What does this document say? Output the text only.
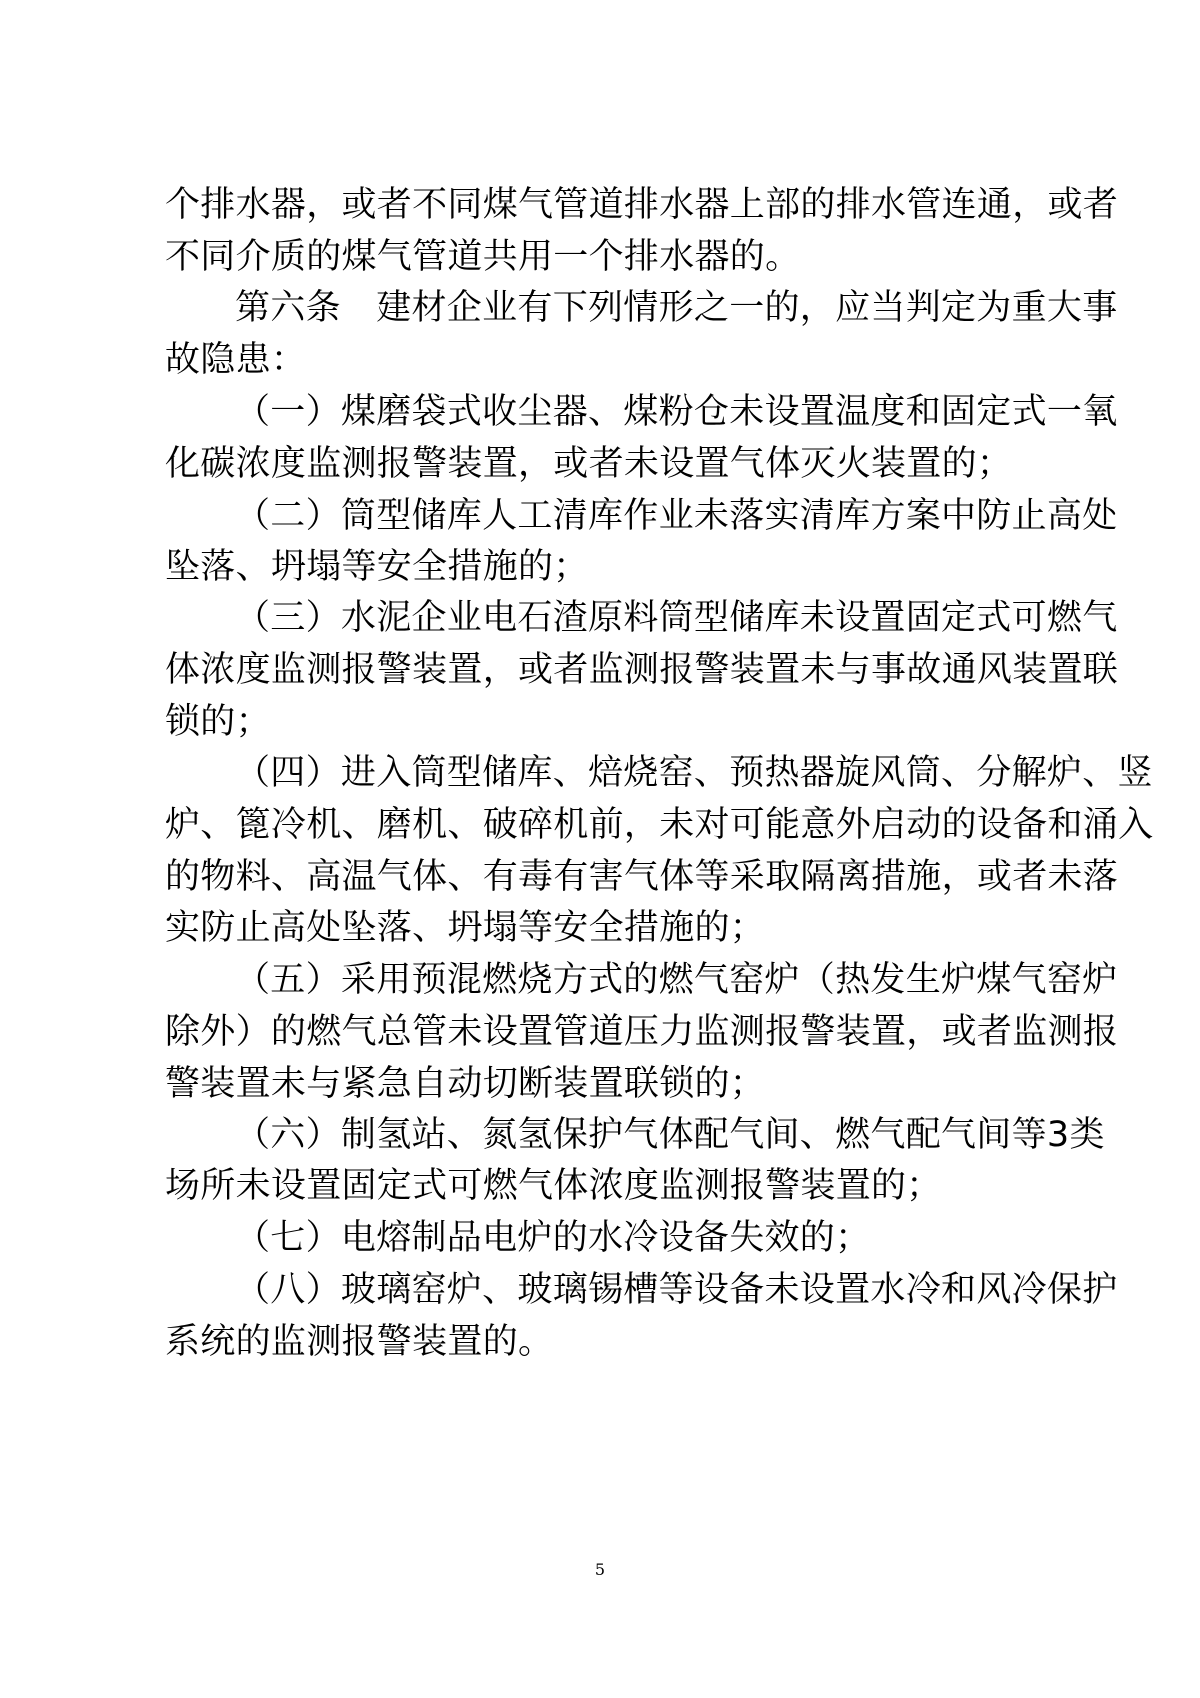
个排水器，或者不同煤气管道排水器上部的排水管连通，或者
不同介质的煤气管道共用一个排水器的。
第六条　建材企业有下列情形之一的，应当判定为重大事
故隐患：
（一）煤磨袋式收尘器、煤粉仓未设置温度和固定式一氧
化碳浓度监测报警装置，或者未设置气体灭火装置的；
（二）筒型储库人工清库作业未落实清库方案中防止高处
坠落、坍塌等安全措施的；
（三）水泥企业电石渣原料筒型储库未设置固定式可燃气
体浓度监测报警装置，或者监测报警装置未与事故通风装置联
锁的；
（四）进入筒型储库、焙烧窑、预热器旋风筒、分解炉、竖
炉、篦冷机、磨机、破碎机前，未对可能意外启动的设备和涌入
的物料、高温气体、有毒有害气体等采取隔离措施，或者未落
实防止高处坠落、坍塌等安全措施的；
（五）采用预混燃烧方式的燃气窑炉（热发生炉煤气窑炉
除外）的燃气总管未设置管道压力监测报警装置，或者监测报
警装置未与紧急自动切断装置联锁的；
（六）制氢站、氮氢保护气体配气间、燃气配气间等3类
场所未设置固定式可燃气体浓度监测报警装置的；
（七）电熔制品电炉的水冷设备失效的；
（八）玻璃窑炉、玻璃锡槽等设备未设置水冷和风冷保护
系统的监测报警装置的。
5
